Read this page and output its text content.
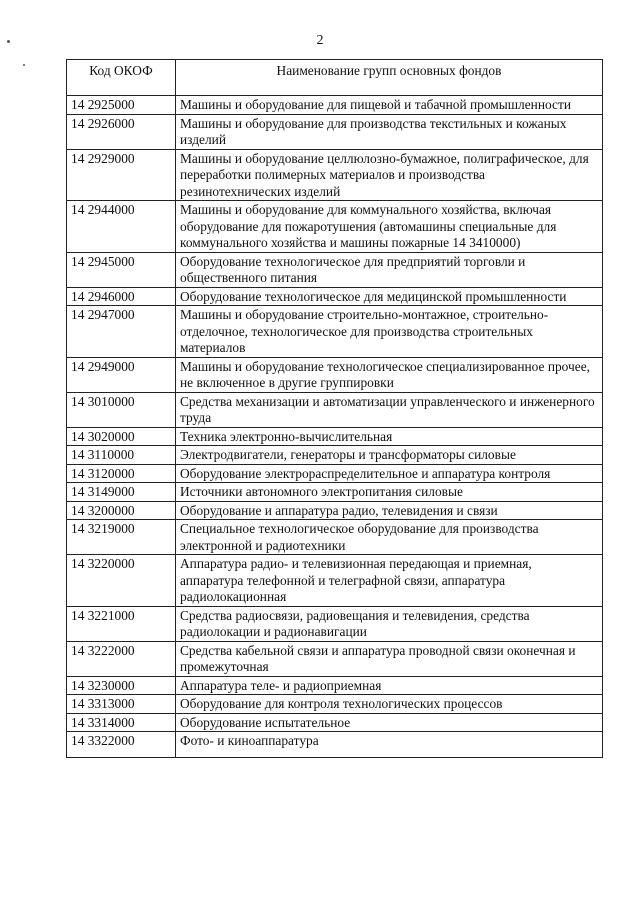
2
Код ОКОФ	Наименование групп основных фондов
14 2925000	Машины и оборудование для пищевой и табачной промышленности
14 2926000	Машины и оборудование для производства текстильных и кожаных изделий
14 2929000	Машины и оборудование целлюлозно-бумажное, полиграфическое, для переработки полимерных материалов и производства резинотехнических изделий
14 2944000	Машины и оборудование для коммунального хозяйства, включая оборудование для пожаротушения (автомашины специальные для коммунального хозяйства и машины пожарные 14 3410000)
14 2945000	Оборудование технологическое для предприятий торговли и общественного питания
14 2946000	Оборудование технологическое для медицинской промышленности
14 2947000	Машины и оборудование строительно-монтажное, строительно-отделочное, технологическое для производства строительных материалов
14 2949000	Машины и оборудование технологическое специализированное прочее, не включенное в другие группировки
14 3010000	Средства механизации и автоматизации управленческого и инженерного труда
14 3020000	Техника электронно-вычислительная
14 3110000	Электродвигатели, генераторы и трансформаторы силовые
14 3120000	Оборудование электрораспределительное и аппаратура контроля
14 3149000	Источники автономного электропитания силовые
14 3200000	Оборудование и аппаратура радио, телевидения и связи
14 3219000	Специальное технологическое оборудование для производства электронной и радиотехники
14 3220000	Аппаратура радио- и телевизионная передающая и приемная, аппаратура телефонной и телеграфной связи, аппаратура радиолокационная
14 3221000	Средства радиосвязи, радиовещания и телевидения, средства радиолокации и радионавигации
14 3222000	Средства кабельной связи и аппаратура проводной связи оконечная и промежуточная
14 3230000	Аппаратура теле- и радиоприемная
14 3313000	Оборудование для контроля технологических процессов
14 3314000	Оборудование испытательное
14 3322000	Фото- и киноаппаратура
